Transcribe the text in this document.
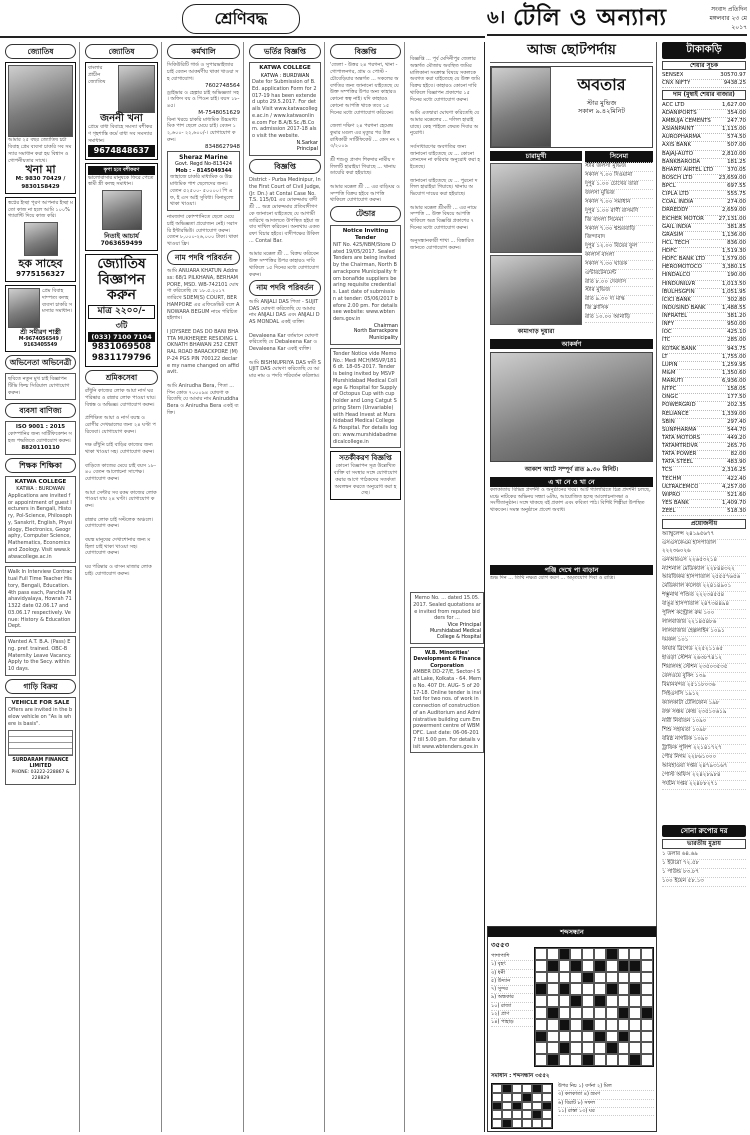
শ্রেণিবদ্ধ	৬। টেলি ও অন্যান্য	সংবাদ প্রতিদিন
মঙ্গলবার ২৩ মে
২০১৭
জ্যোতিষ
আমার ২৫ বছর জ্যোতিষ চর্চা বিবাহ প্রেম ব্যবসা চাকরি সব সমস্যার সমাধান করা হয় বিশ্বাস ও গোপনীয়তার সাথে।
খনা মা
M: 9830 70429 / 9830158429
স্বপ্নের ইচ্ছা পূরণ আপনার ইচ্ছা মতো কাজ না হলে আমি ১০০% গ্যারান্টি দিয়ে কাজ করি।
হক সাহেব
9775156327
প্রেম বিবাহ দাম্পত্য কলহ ব্যবসা চাকরি সমস্যার সমাধান।
শ্রী সমীরণ শাস্ত্রী
M-9674056549 / 9163405549
অভিনেতা অভিনেত্রী
ছবিতে নতুন মুখ চাই বিজ্ঞাপন টিভি ফিল্ম সিরিয়াল যোগাযোগ করুন।
ব্যবসা বাণিজ্য
ISO 9001 : 2015
কোম্পানির জন্য সার্টিফিকেশন সহজ পদ্ধতিতে যোগাযোগ করুন।
8820110110
শিক্ষক শিক্ষিকা
KATWA COLLEGE
KATWA : BURDWAN
Applications are invited for appointment of guest lecturers in Bengali, History, Pol-Science, Philosophy, Sanskrit, English, Physiology, Electronics, Geography, Computer Science, Mathematics, Economics and Zoology. Visit www.katwacollege.ac.in
Walk In Interview Contractual Full Time Teacher History, Bengali, Education. 4th pass each, Panchla Mahavidyalaya, Howrah 711322 date 02.06.17 and 03.06.17 respectively. Venue: History & Education Dept.
Wanted A.T. B.A. (Pass) Eng. pref. trained. OBC-B Maternity Leave Vacancy. Apply to the Secy. within 10 days.
গাড়ি বিক্রয়
VEHICLE FOR SALE
Offers are invited in the below vehicle on "As is where is basis".
SURDARAM FINANCE LIMITED
PHONE: 03222-228867 & 228829
জ্যোতিষ
বাংলার প্রাচীন জ্যোতিষ
জননী খনা
প্রেমে বাধা বিবাহে সমস্যা বশীকরণ গৃহশান্তি কর্মে বাধা সব সমস্যার সমাধান।
9674848637
কৃপা হবে বশীকরণ
ভালোবাসার মানুষকে ফিরে পেতে স্বামী স্ত্রী কলহ সমাধান।
নিতাই আচার্য
7063659499
জ্যোতিষ
বিজ্ঞাপন
করুন
মাত্র ২২০০/-
৩টি
(033) 7100 7104
9831069508
9831179796
শ্রমিকসেবা
রাঁধুনি কাজের লোক আয়া নার্স ঘর পরিষ্কার ও রান্নার লোক পাওয়া যায়। বিশ্বস্ত ও অভিজ্ঞ। যোগাযোগ করুন।

প্রশিক্ষিত আয়া ও নার্স বয়স্ক ও রোগীর দেখভালের জন্য ২৪ ঘণ্টা পরিষেবা। যোগাযোগ করুন।

দক্ষ রাঁধুনি চাই বাড়ির কাজের জন্য থাকা খাওয়া সহ। যোগাযোগ করুন।

বাড়িতে কাজের মেয়ে চাই বয়স ১৮-৪০ বেতন আলোচনা সাপেক্ষ। যোগাযোগ করুন।

আয়া সেন্টার সব রকম কাজের লোক পাওয়া যায় ২৪ ঘণ্টা। যোগাযোগ করুন।

রান্নার লোক চাই সল্টলেক অঞ্চলে। যোগাযোগ করুন।

বয়স্ক মানুষের দেখাশোনার জন্য মহিলা চাই থাকা খাওয়া সহ। যোগাযোগ করুন।

ঘর পরিষ্কার ও বাসন মাজার লোক চাই। যোগাযোগ করুন।
কর্মখালি
সিকিউরিটি গার্ড ও সুপারভাইজার চাই বেতন আকর্ষণীয় থাকা খাওয়া সহ যোগাযোগ।
7602748564
ড্রাইভার ও হেল্পার চাই অভিজ্ঞতা সহ। অফিস বয় ও পিওন চাই। বয়স ১৮-৪৫।
M-7548051629
বিনা খরচে চাকরি মাধ্যমিক উচ্চমাধ্যমিক পাশ ছেলে মেয়ে চাই। বেতন ১২,৬০০- ২২,৬০০/-। যোগাযোগ করুন।
8348627948
Sheraz Marine
Govt. Regd No-813424
Mob : - 8145049344
জাহাজে চাকরি মাধ্যমিক ও উচ্চমাধ্যমিক পাশ ছেলেদের জন্য। বেতন ৫২৫০০- ৫০০০০। পি এফ, ই এস আই সুবিধা। বিনামূল্যে থাকা খাওয়া।
নামজাদা কোম্পানিতে ছেলে মেয়ে চাই অভিজ্ঞতা প্রয়োজন নেই। সরাসরি ইন্টারভিউ। যোগাযোগ করুন। বেতন ৮,০০০-২৬,০০০ টাকা। থাকা খাওয়া ফ্রি।
নাম পদবি পরিবর্তন
আমি ANUARA KHATUN Address: 68/1 PILKHANA, BERHAMPORE, MSD. WB-742101 ঘোষণা করিতেছি যে ১৮.৫.২০১৭ তারিখে SDEM(S) COURT, BERHAMPORE এর এফিডেভিট বলে ANOWARA BEGUM নামে পরিচিত হইলাম।

I JOYSREE DAS DO BANI BHATTA MUKHERJEE RESIDING LOKNATH BHAWAN 252 CENTRAL ROAD BARACKPORE (M) P-24 PGS PIN 700122 declare my name changed on affidavit.

আমি Anirudha Bera, পিতা ... পিন কোড ৭০০০৯৪ ঘোষণা করিতেছি যে আমার নাম Aniruddha Bera ও Anirudha Bera একই ব্যক্তি।
ভর্তির বিজ্ঞপ্তি
KATWA COLLEGE
KATWA : BURDWAN
Date for Submission of B.Ed. application Form for 2017-19 has been extended upto 29.5.2017. For details Visit www.katwacollege.ac.in / www.katwaonline.com For B.A/B.Sc./B.Com. admission 2017-18 also visit the website.
N.Sarkar
Principal
বিজ্ঞপ্তি
District - Purba Medinipur, In the First Court of Civil Judge, (Jr. Dn.) at Contai Case No. T.S. 115/01 এর মোকদ্দমায় বাদী শ্রী ... অত্র মোকদ্দমার প্রতিবাদীগণকে জানানো যাইতেছে যে আগামী তারিখে আদালতে উপস্থিত হইয়া জবাব দাখিল করিবেন। অন্যথায় একতরফা বিচার হইবে। বাদীপক্ষের উকিল ... Contai Bar.

আমার মক্কেল শ্রী ... বিক্রয় করিবেন উক্ত সম্পত্তির উপর কাহারও দাবি থাকিলে ১৫ দিনের মধ্যে যোগাযোগ করুন।
নাম পদবি পরিবর্তন
আমি ANJALI DAS পিতা - SUJIT DAS ঘোষণা করিতেছি যে আমার নাম ANJALI DAS এবং ANJALI DAS MONDAL একই ব্যক্তি।

Devaleena Kar বর্তমানে ঘোষণা করিতেছি যে Debaleena Kar ও Devaleena Kar একই ব্যক্তি।

আমি BISHNUPRIYA DAS স্বামী SUJIT DAS ঘোষণা করিতেছি যে আমার নাম ও পদবি পরিবর্তন করিলাম।
বিজ্ঞপ্তি
'জেলা - উত্তর ২৪ পরগনা, থানা - গোপালনগর, গ্রাম ও পোস্ট - চৌবেড়িয়ার অন্তর্গত ... সকলের অবগতির জন্য জানানো যাইতেছে যে উক্ত সম্পত্তির উপর অন্য কাহারও কোনো স্বত্ব নাই। যদি কাহারও কোনো আপত্তি থাকে তবে ১৫ দিনের মধ্যে যোগাযোগ করিবেন।

জেলা দক্ষিণ ২৪ পরগনা হেমেন্দ্র কুমার মণ্ডল এর মৃত্যুর পর উত্তরাধিকারী সার্টিফিকেট ... কেস নং ৭৩/২০০৯

শ্রী শশুণ্ডু প্রসাদ শিকদার নামীয় দলিলটি হারাইয়া গিয়াছে ... থানায় ডায়েরি করা হইয়াছে।

আমার মক্কেল শ্রী ... এর বাড়িঘর ও সম্পত্তি বিক্রয় হইবে আপত্তি থাকিলে যোগাযোগ করুন।
টেন্ডার
Notice Inviting Tender
NIT No. 425/NBM/Store Dated 19/05/2017. Sealed Tenders are being invited by the Chairman, North Barrackpore Municipality from bonafide suppliers bearing requisite credentials. Last date of submission at tender: 05/06/2017 before 2.00 pm. For details see website: www.wbtenders.gov.in
Chairman
North Barrackpore Municipality
Tender Notice vide Memo No.: Medi MCH/MSVP/1816 dt. 18-05-2017. Tender is being invited by MSVP Murshidabad Medical College & Hospital for Supply of Octopus Cup with cup holder and Long Catgut Spring Stern (Unvariable) with Head Invest at Murshidabad Medical College & Hospital. For details log on: www.murshidabadmedicalcollege.in
সতর্কীকরণ বিজ্ঞপ্তি
কোনো বিজ্ঞাপন সূত্র উল্লেখিত ব্যক্তি বা সংস্থার সঙ্গে যোগাযোগ করার আগে পাঠকদের সতর্কতা অবলম্বন করতে অনুরোধ করা হচ্ছে।
বিজ্ঞপ্তি ... পূর্ব মেদিনীপুর জেলার অন্তর্গত মৌজায় অবস্থিত জমির মালিকানা সংক্রান্ত বিষয়ে সকলকে অবগত করা যাইতেছে যে উক্ত জমি বিক্রয় হইবে। কাহারও কোনো দাবি থাকিলে বিজ্ঞাপন প্রকাশের ১৫ দিনের মধ্যে যোগাযোগ করুন।

আমি এতদ্বারা ঘোষণা করিতেছি যে আমার মক্কেলের ... দলিল হারাইয়াছে। কেহ পাইলে ফেরত দিবার অনুরোধ।

সর্বসাধারণের অবগতির জন্য জানানো যাইতেছে যে ... কোনো লেনদেন না করিবার অনুরোধ করা হইতেছে।

জানানো যাইতেছে যে ... পুরনো দলিল হারাইয়া গিয়াছে। থানায় অভিযোগ দায়ের করা হইয়াছে।

আমার মক্কেল শ্রীমতী ... এর নামে সম্পত্তি ... উক্ত বিষয়ে আপত্তি থাকিলে অত্র বিজ্ঞপ্তি প্রকাশের ৭ দিনের মধ্যে যোগাযোগ করুন।

অনুসন্ধানকারী শাখা ... বিস্তারিত জানতে যোগাযোগ করুন।
Memo No. ... dated 15.05.2017. Sealed quotations are invited from reputed bidders for ...
Vice Principal
Murshidabad Medical College & Hospital
W.B. Minorities' Development & Finance Corporation
AMBER DD-27/E, Sector-I Salt Lake, Kolkata - 64. Memo No. 407 Dt. AUG- 5 of 2017-18. Online tender is invited for two nos. of work in connection of construction of an Auditorium and Administrative building cum Empowerment centre of WBMDFC. Last date: 06-06-2017 till 5.00 pm. For details visit www.wbtenders.gov.in
আজ ছোটপর্দায়
অবতার
স্টার মুভিজ
সকাল ৯.৪২মিনিট
চারামুখী
কামাগাড় দুয়ারা
সিনেমা
স্টার জলসা মুভিজ
সকাল ৭.০০ দিওয়ানা
দুপুর ১.০০ চোখের তারা
জলসা মুভিজ
সকাল ৭.০০ সমাধান
দুপুর ১.০০ রাণী রাসমণি
জি বাংলা সিনেমা
সকাল ৭.৩০ শ্বশুরবাড়ি জিন্দাবাদ
দুপুর ১২.০০ বিয়ের ফুল
কালার্স বাংলা
সকাল ৭.৩০ ঘাতক
এন্টারটেনমেন্ট
রাত ৮.০০ দেবদাস
স্টার মুভিজ
রাত ৯.৩০ দ্য মাস্ক
জি ক্লাসিক
রাত ১০.০০ আনাড়ি
আকর্ষণ
আকাশ আটে সম্পূর্ণ রাত ৯.৩০ মিনিট।
এ খা নে ও খা নে
কলকাতায় বিভিন্ন প্রদর্শনী ও অনুষ্ঠানের খবর। আর্ট গ্যালারিতে চিত্র প্রদর্শনী চলছে, মঞ্চে নাটকের অভিনয় সন্ধ্যা ৬টায়, আয়োজিত হচ্ছে আলোচনাসভা ও সংগীতানুষ্ঠান। সঙ্গে থাকছে বই প্রকাশ এবং কবিতা পাঠ। বিশিষ্ট শিল্পীরা উপস্থিত থাকবেন। সমস্ত অনুষ্ঠানে প্রবেশ অবাধ।
পঞ্জি দেখে পা বাড়ান
শুভ দিন ... তিথি নক্ষত্র যোগ করণ ... অমৃতযোগ দিবা ও রাত্রি।
শব্দসন্ধান
৩৫৫৩
পাশাপাশি
১) বৃহৎ
৩) ধনী
৫) উদ্যান
৭) সুন্দর
৯) অন্ধকার
১০) রাজা
১২) প্রাণ
১৪) পাহাড়
সমাধান : শব্দসন্ধান ৩৫৫২
উপর নিচ ১) বর্ণনা ২) মিল
৩) কলকাতা ৪) ভ্রমণ
৬) বিরাট ৮) সফল
১১) রাস্তা ১৩) ঘর
টাকাকড়ি
শেয়ার সূচক
SENSEX	30570.97
CNX NIFTY	9438.25
দাম (মুম্বাই শেয়ার বাজার)
ACC LTD	1,627.00
ADANIPORTS	354.00
AMBUJA CEMENTS	247.70
ASIANPAINT	1,115.00
AUROPHARMA	574.50
AXIS BANK	507.00
BAJAJ-AUTO	2,810.00
BANKBARODA	181.25
BHARTI AIRTEL LTD	370.05
BOSCH LTD	23,659.00
BPCL	697.55
CIPLA LTD	555.75
COAL INDIA	274.00
DRREDDY	2,659.00
EICHER MOTOR	27,131.00
GAIL INDIA	381.85
GRASIM	1,136.00
HCL TECH	836.00
HDFC	1,519.30
HDFC BANK LTD	1,579.00
HEROMOTOCO	3,380.15
HINDALCO	190.00
HINDUNILVR	1,013.50
IBULHSGFIN	1,051.95
ICICI BANK	302.80
INDUSIND BANK	1,488.55
INFRATEL	381.20
INFY	950.00
IOC	425.10
ITC	285.00
KOTAK BANK	943.75
LT	1,755.00
LUPIN	1,259.95
M&M	1,350.60
MARUTI	6,936.00
NTPC	158.05
ONGC	177.50
POWERGRID	202.35
RELIANCE	1,339.00
SBIN	297.40
SUNPHARMA	544.70
TATA MOTORS	449.20
TATAMTRDVR	265.70
TATA POWER	82.00
TATA STEEL	483.90
TCS	2,316.25
TECHM	422.40
ULTRACEMCO	4,257.00
WIPRO	521.60
YES BANK	1,409.70
ZEEL	518.30
প্রয়োজনীয়
অ্যাম্বুলেন্স ২৪১৯৫৬৭৭
এসএসকেএম হাসপাতাল ২২২৩৬০২৬
এনআরএস ২২৬৫৩২১৪
ন্যাশনাল মেডিক্যাল ২২৮৪৪৩২২
আরজিকর হাসপাতাল ২৫৫৫৭৬৫৬
মেডিক্যাল কলেজ ২২৪১৪৯০১
শম্ভুনাথ পণ্ডিত ২২২৩৪৫৫৪
বাঙুর হাসপাতাল ২৪৭৩৪৪৯৪
পুলিশ কন্ট্রোল রুম ১০০
লালবাজার ২২১৪৫৪৮৬
লালবাজার হেল্পলাইন ১০৯১
দমকল ১০১
ফায়ার ব্রিগেড ২২৫২১১৬৫
হাওড়া স্টেশন ২৬৩৮৭৪১২
শিয়ালদহ স্টেশন ২৩৫০৩৫৩৫
রেলওয়ে বুকিং ১৩৯
বিমানবন্দর ২৫১১৮০৩৬
সিইএসসি ১৯১২
ক্যালকাটা টেলিফোন ১৯৮
রক্ত সঞ্চয় কেন্দ্র ২৩৫১০৬১৯
নারী নির্যাতন ১০৯০
শিশু সহায়তা ১০৯৮
বরিষ্ঠ নাগরিক ১০৯০
ট্রাফিক পুলিশ ২২১৪১৭২৭
পৌর নিগম ২২৮৬১০০০
আবহাওয়া দপ্তর ২৪৭৯৩১৬৭
পোস্ট অফিস ২২৪২৮৯৮৪
পর্যটন দপ্তর ২২৪৮৮২৭১
সোনা রুপোর দর
ভারতীয় মুদ্রায়
১ ডলার ৬৪.৬৯
১ ইউরো ৭২.৫৮
১ পাউন্ড ৮৩.৮৭
১০০ ইয়েন ৫৮.১৩
